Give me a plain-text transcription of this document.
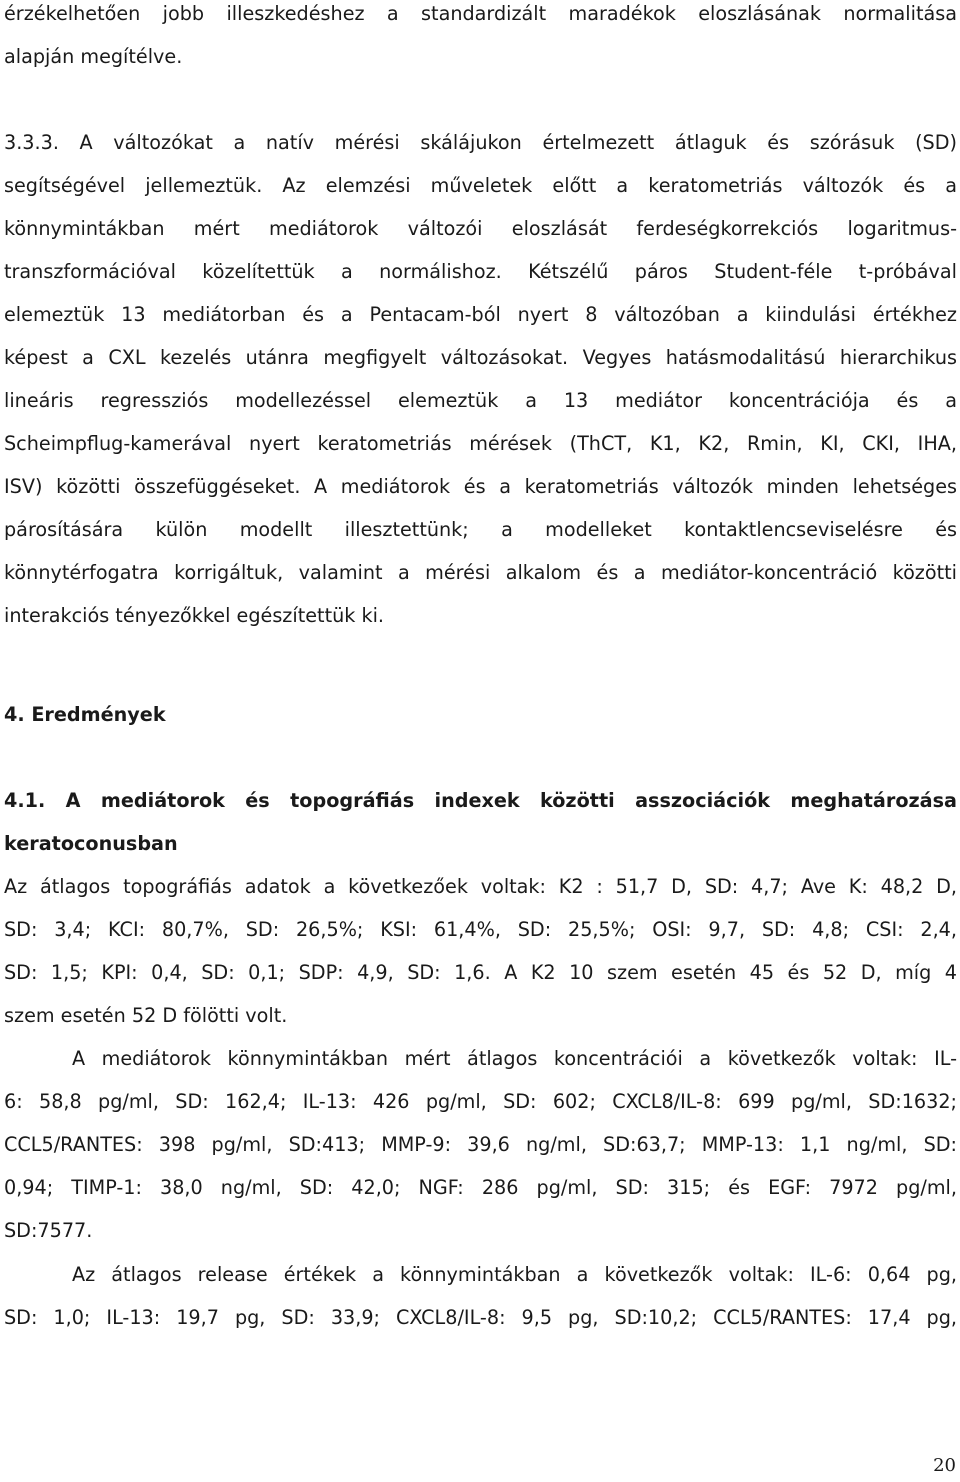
érzékelhetően jobb illeszkedéshez a standardizált maradékok eloszlásának normalitása
alapján megítélve.
3.3.3. A változókat a natív mérési skálájukon értelmezett átlaguk és szórásuk (SD)
segítségével jellemeztük. Az elemzési műveletek előtt a keratometriás változók és a
könnymintákban mért mediátorok változói eloszlását ferdeségkorrekciós logaritmus-
transzformációval közelítettük a normálishoz. Kétszélű páros Student-féle t-próbával
elemeztük 13 mediátorban és a Pentacam-ból nyert 8 változóban a kiindulási értékhez
képest a CXL kezelés utánra megfigyelt változásokat. Vegyes hatásmodalitású hierarchikus
lineáris regressziós modellezéssel elemeztük a 13 mediátor koncentrációja és a
Scheimpflug-kamerával nyert keratometriás mérések (ThCT, K1, K2, Rmin, KI, CKI, IHA,
ISV) közötti összefüggéseket. A mediátorok és a keratometriás változók minden lehetséges
párosítására külön modellt illesztettünk; a modelleket kontaktlencseviselésre és
könnytérfogatra korrigáltuk, valamint a mérési alkalom és a mediátor-koncentráció közötti
interakciós tényezőkkel egészítettük ki.
4. Eredmények
4.1. A mediátorok és topográfiás indexek közötti asszociációk meghatározása
keratoconusban
Az átlagos topográfiás adatok a következőek voltak: K2 : 51,7 D, SD: 4,7; Ave K: 48,2 D,
SD: 3,4; KCI: 80,7%, SD: 26,5%; KSI: 61,4%, SD: 25,5%; OSI: 9,7, SD: 4,8; CSI: 2,4,
SD: 1,5; KPI: 0,4, SD: 0,1; SDP: 4,9, SD: 1,6. A K2 10 szem esetén 45 és 52 D, míg 4
szem esetén 52 D fölötti volt.
A mediátorok könnymintákban mért átlagos koncentrációi a következők voltak: IL-
6: 58,8 pg/ml, SD: 162,4; IL-13: 426 pg/ml, SD: 602; CXCL8/IL-8: 699 pg/ml, SD:1632;
CCL5/RANTES: 398 pg/ml, SD:413; MMP-9: 39,6 ng/ml, SD:63,7; MMP-13: 1,1 ng/ml, SD:
0,94; TIMP-1: 38,0 ng/ml, SD: 42,0; NGF: 286 pg/ml, SD: 315; és EGF: 7972 pg/ml,
SD:7577.
Az átlagos release értékek a könnymintákban a következők voltak: IL-6: 0,64 pg,
SD: 1,0; IL-13: 19,7 pg, SD: 33,9; CXCL8/IL-8: 9,5 pg, SD:10,2; CCL5/RANTES: 17,4 pg,
20
